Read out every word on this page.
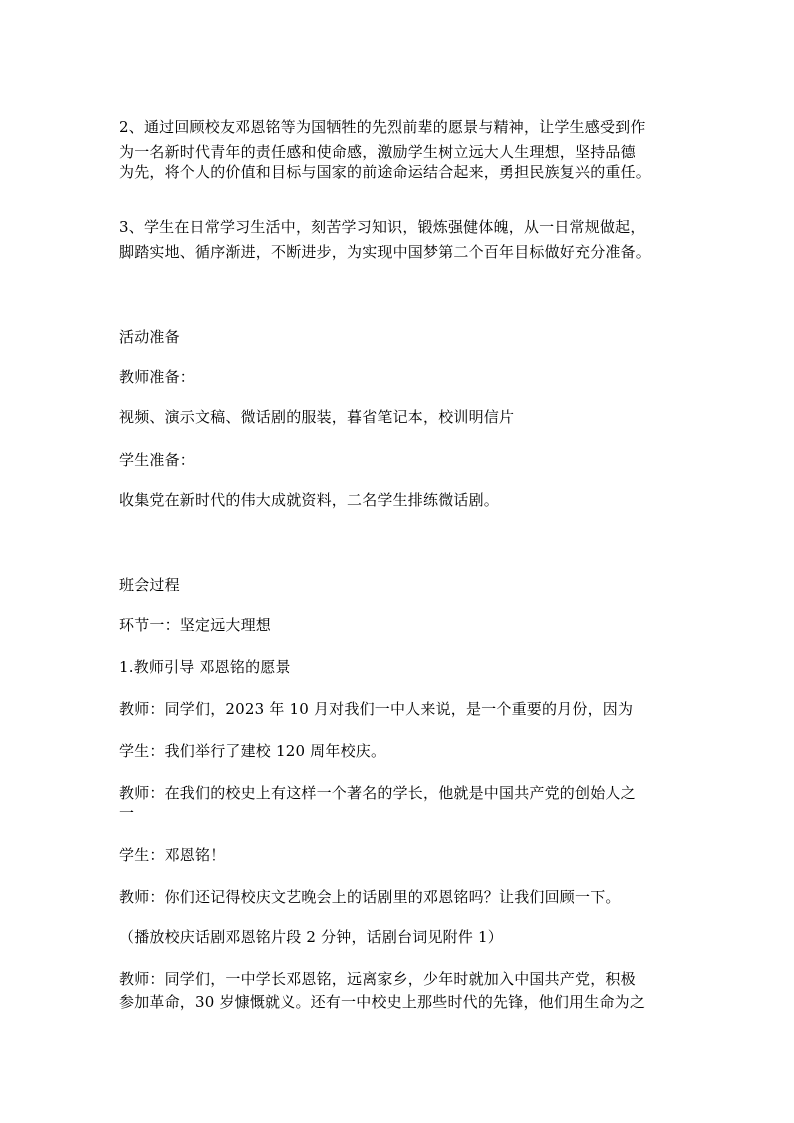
2、通过回顾校友邓恩铭等为国牺牲的先烈前辈的愿景与精神，让学生感受到作
为一名新时代青年的责任感和使命感，激励学生树立远大人生理想，坚持品德
为先，将个人的价值和目标与国家的前途命运结合起来，勇担民族复兴的重任。
3、学生在日常学习生活中，刻苦学习知识，锻炼强健体魄，从一日常规做起，
脚踏实地、循序渐进，不断进步，为实现中国梦第二个百年目标做好充分准备。
活动准备
教师准备：
视频、演示文稿、微话剧的服装，暮省笔记本，校训明信片
学生准备：
收集党在新时代的伟大成就资料，二名学生排练微话剧。
班会过程
环节一：坚定远大理想
1.教师引导 邓恩铭的愿景
教师：同学们，2023 年 10 月对我们一中人来说，是一个重要的月份，因为
学生：我们举行了建校 120 周年校庆。
教师：在我们的校史上有这样一个著名的学长，他就是中国共产党的创始人之
一
学生：邓恩铭！
教师：你们还记得校庆文艺晚会上的话剧里的邓恩铭吗？让我们回顾一下。
（播放校庆话剧邓恩铭片段 2 分钟，话剧台词见附件 1）
教师：同学们，一中学长邓恩铭，远离家乡，少年时就加入中国共产党，积极
参加革命，30 岁慷慨就义。还有一中校史上那些时代的先锋，他们用生命为之
